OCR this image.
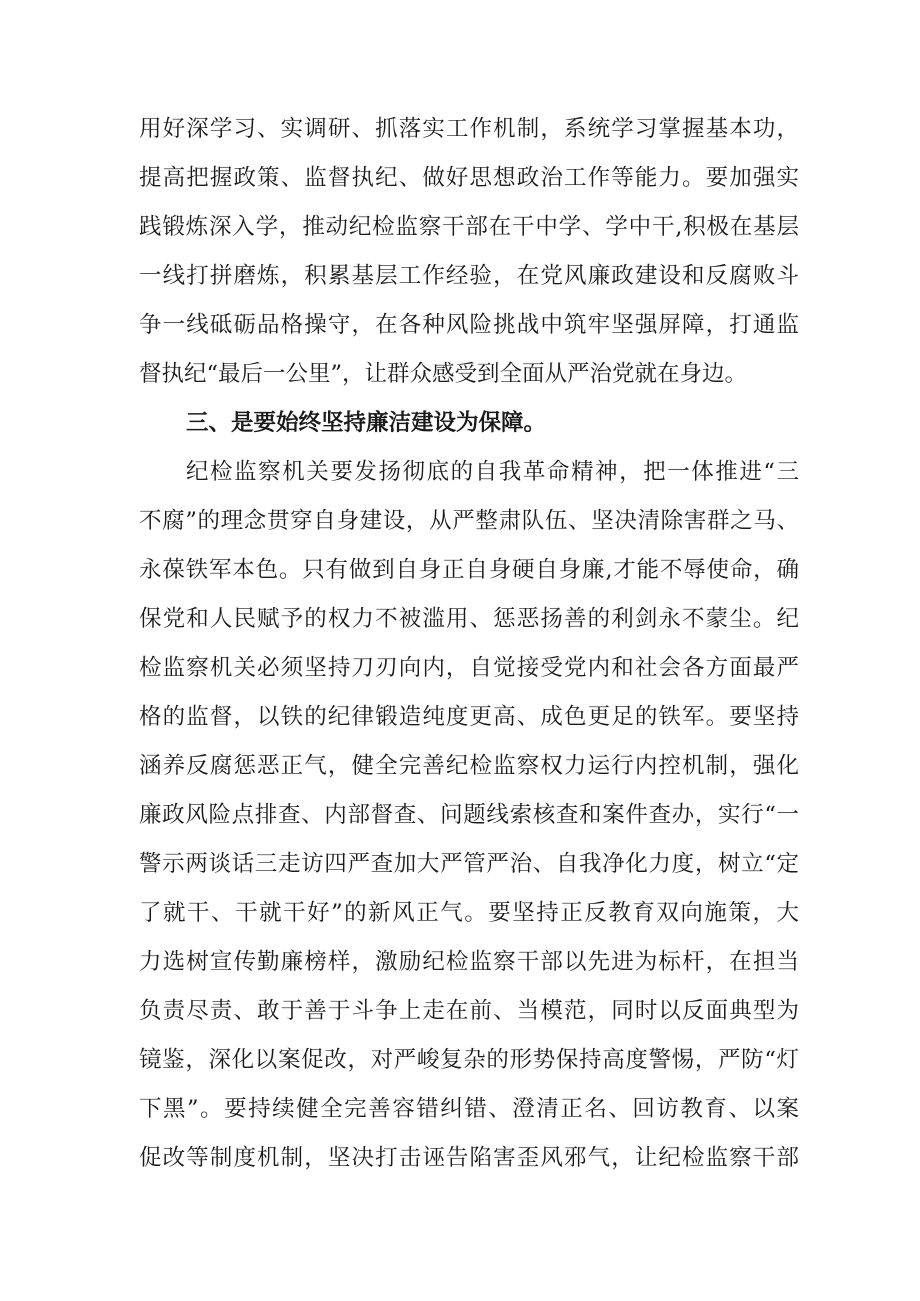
用好深学习、实调研、抓落实工作机制，系统学习掌握基本功，
提高把握政策、监督执纪、做好思想政治工作等能力。要加强实
践锻炼深入学，推动纪检监察干部在干中学、学中干,积极在基层
一线打拼磨炼，积累基层工作经验，在党风廉政建设和反腐败斗
争一线砥砺品格操守，在各种风险挑战中筑牢坚强屏障，打通监
督执纪“最后一公里”，让群众感受到全面从严治党就在身边。
三、是要始终坚持廉洁建设为保障。
纪检监察机关要发扬彻底的自我革命精神，把一体推进“三
不腐”的理念贯穿自身建设，从严整肃队伍、坚决清除害群之马、
永葆铁军本色。只有做到自身正自身硬自身廉,才能不辱使命，确
保党和人民赋予的权力不被滥用、惩恶扬善的利剑永不蒙尘。纪
检监察机关必须坚持刀刃向内，自觉接受党内和社会各方面最严
格的监督，以铁的纪律锻造纯度更高、成色更足的铁军。要坚持
涵养反腐惩恶正气，健全完善纪检监察权力运行内控机制，强化
廉政风险点排查、内部督查、问题线索核查和案件查办，实行“一
警示两谈话三走访四严查加大严管严治、自我净化力度，树立“定
了就干、干就干好”的新风正气。要坚持正反教育双向施策，大
力选树宣传勤廉榜样，激励纪检监察干部以先进为标杆，在担当
负责尽责、敢于善于斗争上走在前、当模范，同时以反面典型为
镜鉴，深化以案促改，对严峻复杂的形势保持高度警惕，严防“灯
下黑”。要持续健全完善容错纠错、澄清正名、回访教育、以案
促改等制度机制，坚决打击诬告陷害歪风邪气，让纪检监察干部
